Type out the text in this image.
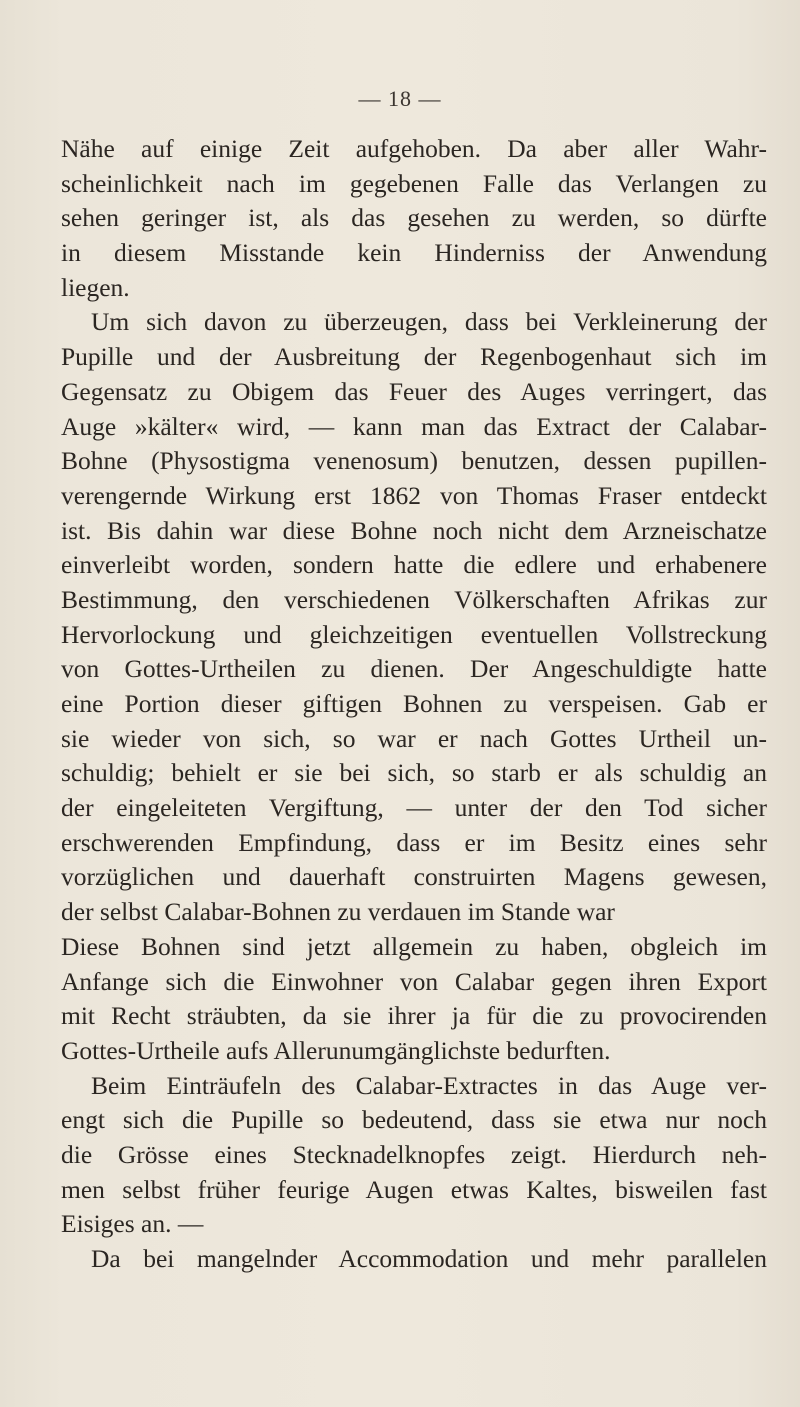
— 18 —
Nähe auf einige Zeit aufgehoben. Da aber aller Wahr-
scheinlichkeit nach im gegebenen Falle das Verlangen zu
sehen geringer ist, als das gesehen zu werden, so dürfte
in diesem Misstande kein Hinderniss der Anwendung
liegen.
Um sich davon zu überzeugen, dass bei Verkleinerung der
Pupille und der Ausbreitung der Regenbogenhaut sich im
Gegensatz zu Obigem das Feuer des Auges verringert, das
Auge »kälter« wird, — kann man das Extract der Calabar-
Bohne (Physostigma venenosum) benutzen, dessen pupillen-
verengernde Wirkung erst 1862 von Thomas Fraser entdeckt
ist. Bis dahin war diese Bohne noch nicht dem Arzneischatze
einverleibt worden, sondern hatte die edlere und erhabenere
Bestimmung, den verschiedenen Völkerschaften Afrikas zur
Hervorlockung und gleichzeitigen eventuellen Vollstreckung
von Gottes-Urtheilen zu dienen. Der Angeschuldigte hatte
eine Portion dieser giftigen Bohnen zu verspeisen. Gab er
sie wieder von sich, so war er nach Gottes Urtheil un-
schuldig; behielt er sie bei sich, so starb er als schuldig an
der eingeleiteten Vergiftung, — unter der den Tod sicher
erschwerenden Empfindung, dass er im Besitz eines sehr
vorzüglichen und dauerhaft construirten Magens gewesen,
der selbst Calabar-Bohnen zu verdauen im Stande war
Diese Bohnen sind jetzt allgemein zu haben, obgleich im
Anfange sich die Einwohner von Calabar gegen ihren Export
mit Recht sträubten, da sie ihrer ja für die zu provocirenden
Gottes-Urtheile aufs Allerunumgänglichste bedurften.
Beim Einträufeln des Calabar-Extractes in das Auge ver-
engt sich die Pupille so bedeutend, dass sie etwa nur noch
die Grösse eines Stecknadelknopfes zeigt. Hierdurch neh-
men selbst früher feurige Augen etwas Kaltes, bisweilen fast
Eisiges an. —
Da bei mangelnder Accommodation und mehr parallelen
